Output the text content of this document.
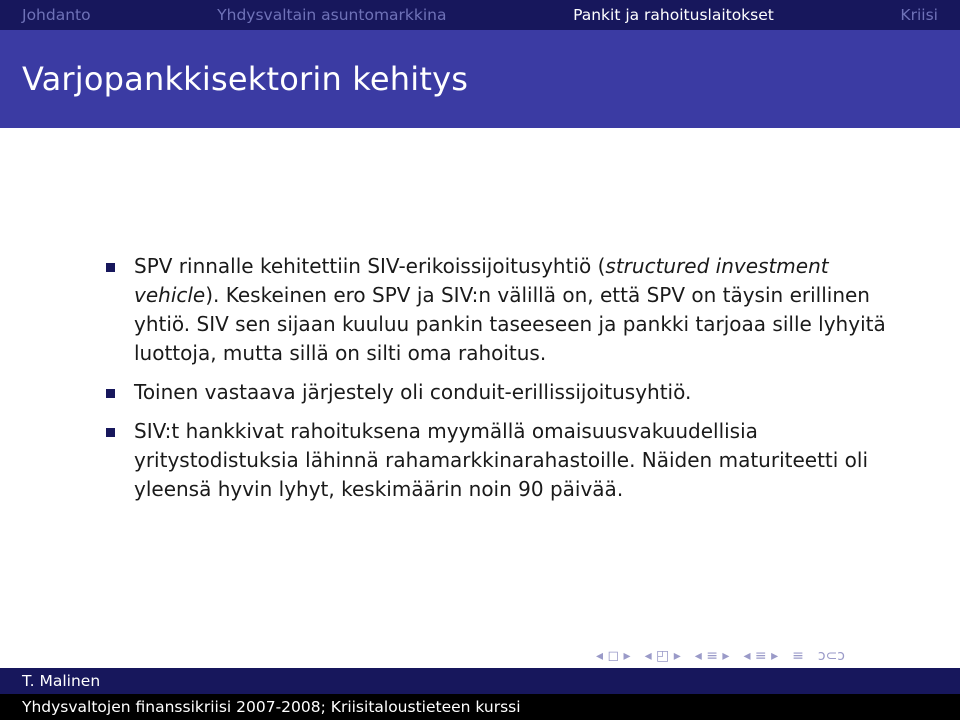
Johdanto	Yhdysvaltain asuntomarkkina	Pankit ja rahoituslaitokset	Kriisi
Varjopankkisektorin kehitys
SPV rinnalle kehitettiin SIV-erikoissijoitusyhtiö (structured investment vehicle). Keskeinen ero SPV ja SIV:n välillä on, että SPV on täysin erillinen yhtiö. SIV sen sijaan kuuluu pankin taseeseen ja pankki tarjoaa sille lyhyitä luottoja, mutta sillä on silti oma rahoitus.
Toinen vastaava järjestely oli conduit-erillissijoitusyhtiö.
SIV:t hankkivat rahoituksena myymällä omaisuusvakuudellisia yritystodistuksia lähinnä rahamarkkinarahastoille. Näiden maturiteetti oli yleensä hyvin lyhyt, keskimäärin noin 90 päivää.
◂ ◻ ▸ ◂ ◰ ▸ ◂ ≡ ▸ ◂ ≡ ▸ ≡ ↄ⊂ↄ
T. Malinen
Yhdysvaltojen finanssikriisi 2007-2008; Kriisitaloustieteen kurssi
